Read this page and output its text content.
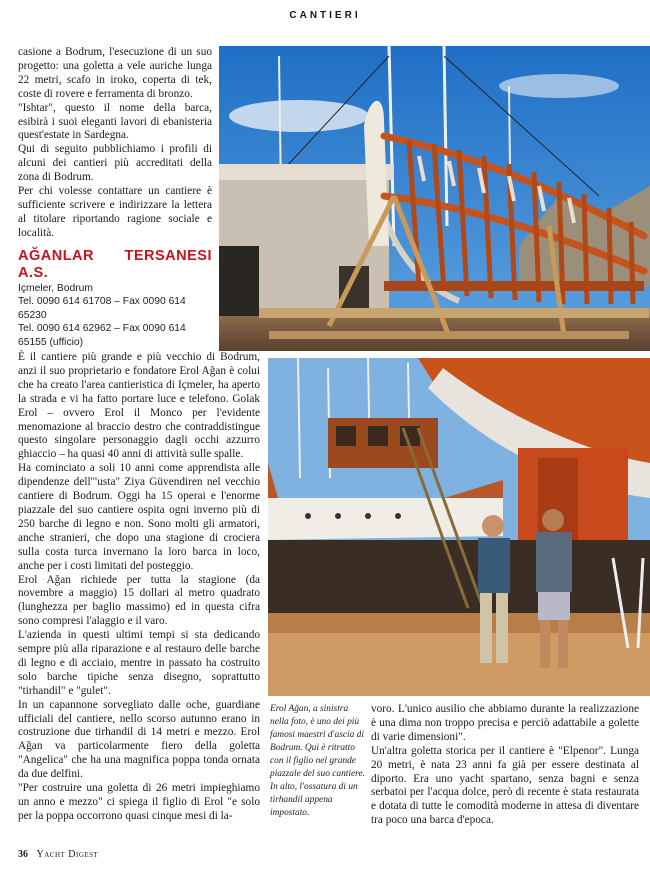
CANTIERI

casione a Bodrum, l'esecuzione di un suo progetto: una goletta a vele auriche lunga 22 metri, scafo in iroko, coperta di tek, coste di rovere e ferramenta di bronzo.

"Ishtar", questo il nome della barca, esibirà i suoi eleganti lavori di ebanisteria quest'estate in Sardegna.

Qui di seguito pubblichiamo i profili di alcuni dei cantieri più accreditati della zona di Bodrum.

Per chi volesse contattare un cantiere è sufficiente scrivere e indirizzare la lettera al titolare riportando ragione sociale e località.

AĞANLAR TERSANESI A.S.

Içmeler, Bodrum

Tel. 0090 614 61708 – Fax 0090 614 65230

Tel. 0090 614 62962 – Fax 0090 614 65155 (ufficio)

È il cantiere più grande e più vecchio di Bodrum, anzi il suo proprietario e fondatore Erol Ağan è colui che ha creato l'area cantieristica di Içmeler, ha aperto la strada e vi ha fatto portare luce e telefono. Golak Erol – ovvero Erol il Monco per l'evidente menomazione al braccio destro che contraddistingue questo singolare personaggio dagli occhi azzurro ghiaccio – ha quasi 40 anni di attività sulle spalle.

Ha cominciato a soli 10 anni come apprendista alle dipendenze dell'"usta" Ziya Güvendiren nel vecchio cantiere di Bodrum. Oggi ha 15 operai e l'enorme piazzale del suo cantiere ospita ogni inverno più di 250 barche di legno e non. Sono molti gli armatori, anche stranieri, che dopo una stagione di crociera sulla costa turca invernano la loro barca in loco, anche per i costi limitati del posteggio.

Erol Ağan richiede per tutta la stagione (da novembre a maggio) 15 dollari al metro quadrato (lunghezza per baglio massimo) ed in questa cifra sono compresi l'alaggio e il varo.

L'azienda in questi ultimi tempi si sta dedicando sempre più alla riparazione e al restauro delle barche di legno e di acciaio, mentre in passato ha costruito solo barche tipiche senza disegno, soprattutto "tirhandil" e "gulet".

In un capannone sorvegliato dalle oche, guardiane ufficiali del cantiere, nello scorso autunno erano in costruzione due tirhandil di 14 metri e mezzo. Erol Ağan va particolarmente fiero della goletta "Angelica" che ha una magnifica poppa tonda ornata da due delfini.

"Per costruire una goletta di 26 metri impieghiamo un anno e mezzo" ci spiega il figlio di Erol "e solo per la poppa occorrono quasi cinque mesi di la-

Erol Ağan, a sinistra nella foto, è uno dei più famosi maestri d'ascia di Bodrum. Qui è ritratto con il figlio nel grande piazzale del suo cantiere. In alto, l'ossatura di un tirhandil appena impostato.

voro. L'unico ausilio che abbiamo durante la realizzazione è una dima non troppo precisa e perciò adattabile a golette di varie dimensioni".

Un'altra goletta storica per il cantiere è "Elpenor". Lunga 20 metri, è nata 23 anni fa già per essere destinata al diporto. Era uno yacht spartano, senza bagni e senza serbatoi per l'acqua dolce, però di recente è stata restaurata e dotata di tutte le comodità moderne in attesa di diventare tra poco una barca d'epoca.

36 Yacht Digest
